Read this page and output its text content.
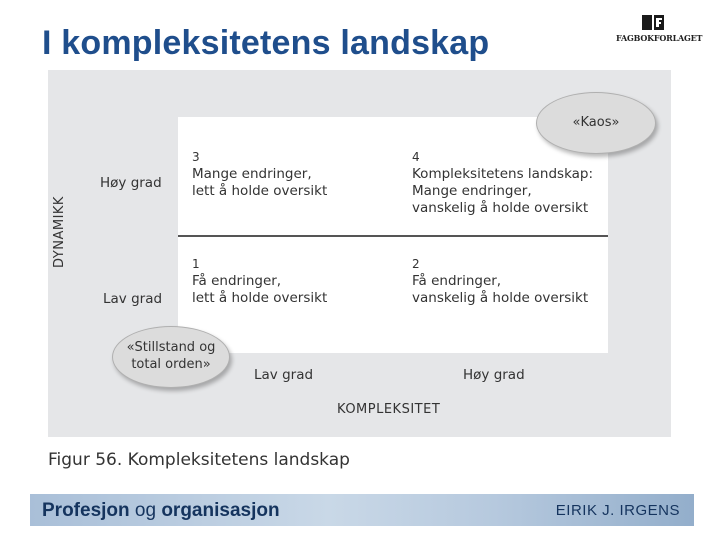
I kompleksitetens landskap	FAGBOKFORLAGET
«Kaos»
«Stillstand og
total orden»
DYNAMIKK
Høy grad
Lav grad
3
Mange endringer,
lett å holde oversikt
4
Kompleksitetens landskap:
Mange endringer,
vanskelig å holde oversikt
1
Få endringer,
lett å holde oversikt
2
Få endringer,
vanskelig å holde oversikt
Lav grad	Høy grad
KOMPLEKSITET
Figur 56. Kompleksitetens landskap
Profesjon og organisasjon	EIRIK J. IRGENS
